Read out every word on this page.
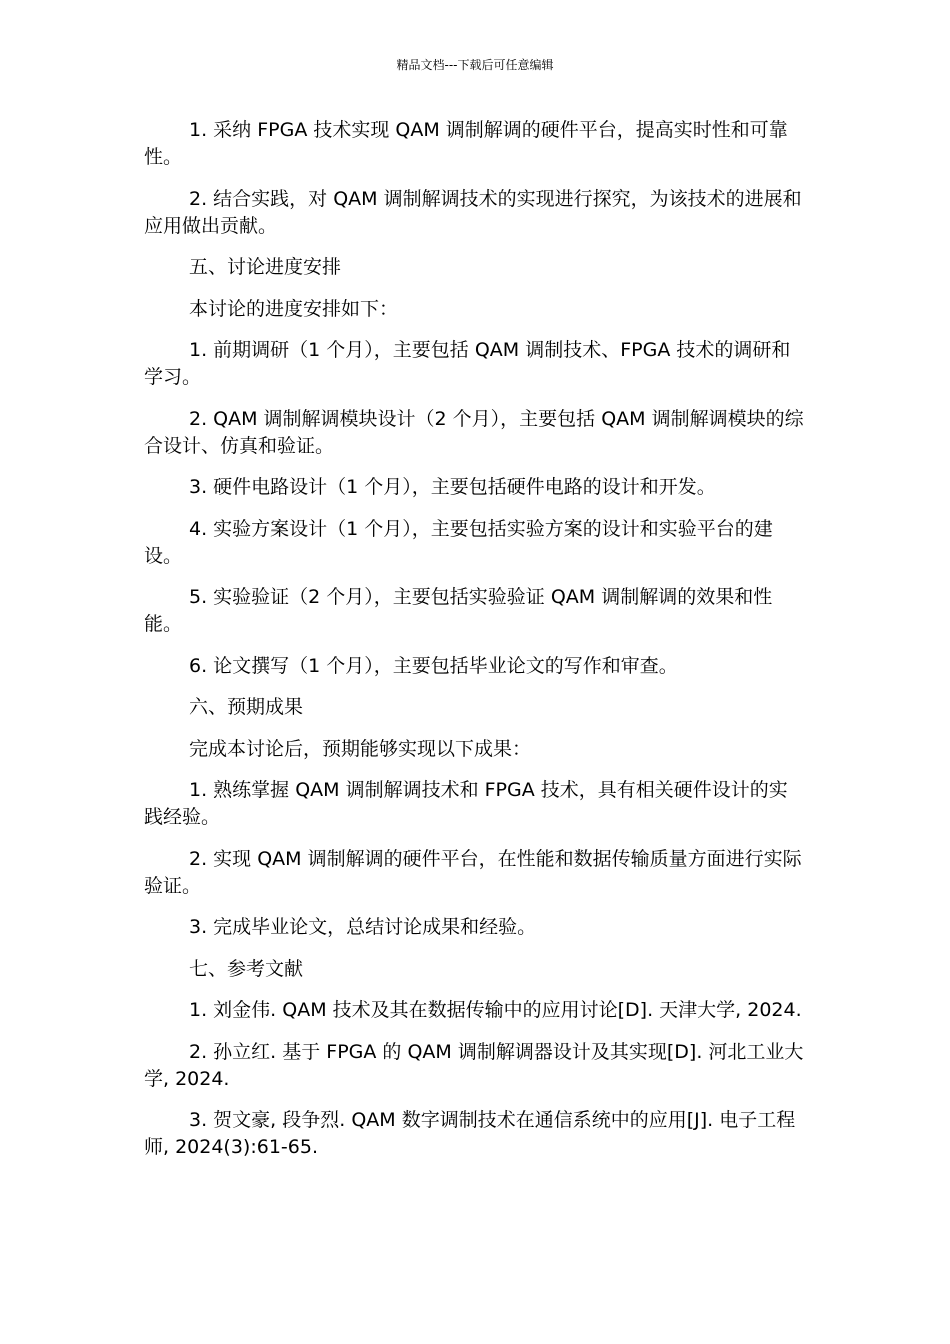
精品文档---下载后可任意编辑

1. 采纳 FPGA 技术实现 QAM 调制解调的硬件平台，提高实时性和可靠性。

2. 结合实践，对 QAM 调制解调技术的实现进行探究，为该技术的进展和应用做出贡献。

五、讨论进度安排

本讨论的进度安排如下：

1. 前期调研（1 个月），主要包括 QAM 调制技术、FPGA 技术的调研和学习。

2. QAM 调制解调模块设计（2 个月），主要包括 QAM 调制解调模块的综合设计、仿真和验证。

3. 硬件电路设计（1 个月），主要包括硬件电路的设计和开发。

4. 实验方案设计（1 个月），主要包括实验方案的设计和实验平台的建设。

5. 实验验证（2 个月），主要包括实验验证 QAM 调制解调的效果和性能。

6. 论文撰写（1 个月），主要包括毕业论文的写作和审查。

六、预期成果

完成本讨论后，预期能够实现以下成果：

1. 熟练掌握 QAM 调制解调技术和 FPGA 技术，具有相关硬件设计的实践经验。

2. 实现 QAM 调制解调的硬件平台，在性能和数据传输质量方面进行实际验证。

3. 完成毕业论文，总结讨论成果和经验。

七、参考文献

1. 刘金伟. QAM 技术及其在数据传输中的应用讨论[D]. 天津大学, 2024.

2. 孙立红. 基于 FPGA 的 QAM 调制解调器设计及其实现[D]. 河北工业大学, 2024.

3. 贺文豪, 段争烈. QAM 数字调制技术在通信系统中的应用[J]. 电子工程师, 2024(3):61-65.
